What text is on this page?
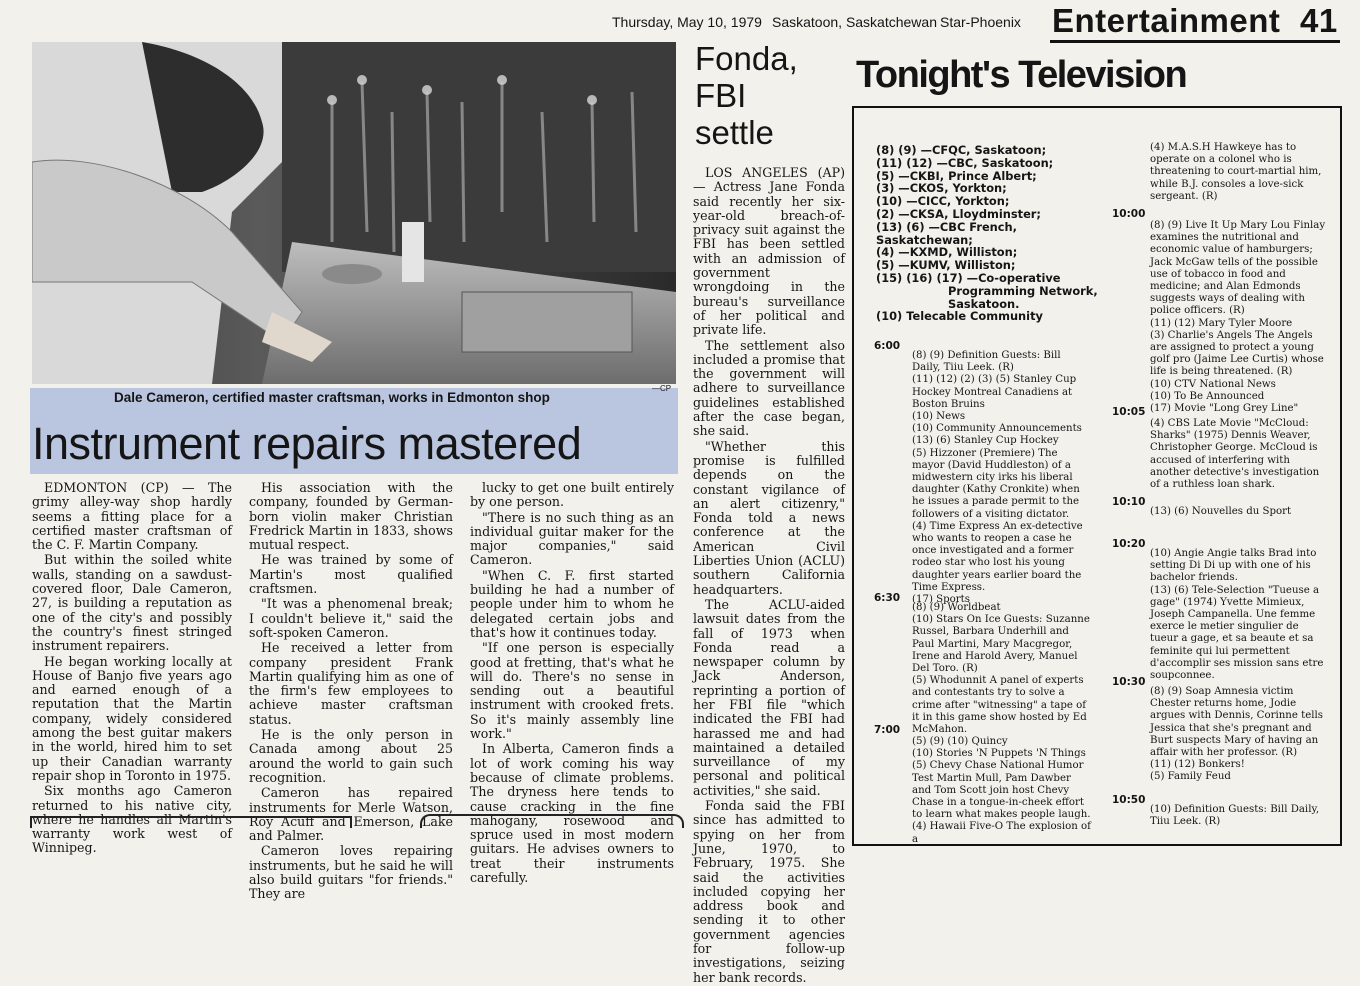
Thursday, May 10, 1979 Saskatoon, Saskatchewan Star-Phoenix Entertainment 41
Dale Cameron, certified master craftsman, works in Edmonton shop
—CP
Instrument repairs mastered

EDMONTON (CP) — The grimy alley-way shop hardly seems a fitting place for a certified master craftsman of the C. F. Martin Company.

But within the soiled white walls, standing on a sawdust-covered floor, Dale Cameron, 27, is building a reputation as one of the city's and possibly the country's finest stringed instrument repairers.

He began working locally at House of Banjo five years ago and earned enough of a reputation that the Martin company, widely considered among the best guitar makers in the world, hired him to set up their Canadian warranty repair shop in Toronto in 1975.

Six months ago Cameron returned to his native city, where he handles all Martin's warranty work west of Winnipeg.

His association with the company, founded by German-born violin maker Christian Fredrick Martin in 1833, shows mutual respect.

He was trained by some of Martin's most qualified craftsmen.

"It was a phenomenal break; I couldn't believe it," said the soft-spoken Cameron.

He received a letter from company president Frank Martin qualifying him as one of the firm's few employees to achieve master craftsman status.

He is the only person in Canada among about 25 around the world to gain such recognition.

Cameron has repaired instruments for Merle Watson, Roy Acuff and Emerson, Lake and Palmer.

Cameron loves repairing instruments, but he said he will also build guitars "for friends." They are

lucky to get one built entirely by one person.

"There is no such thing as an individual guitar maker for the major companies," said Cameron.

"When C. F. first started building he had a number of people under him to whom he delegated certain jobs and that's how it continues today.

"If one person is especially good at fretting, that's what he will do. There's no sense in sending out a beautiful instrument with crooked frets. So it's mainly assembly line work."

In Alberta, Cameron finds a lot of work coming his way because of climate problems. The dryness here tends to cause cracking in the fine mahogany, rosewood and spruce used in most modern guitars. He advises owners to treat their instruments carefully.

Fonda,
FBI
settle

LOS ANGELES (AP) — Actress Jane Fonda said recently her six-year-old breach-of-privacy suit against the FBI has been settled with an admission of government wrongdoing in the bureau's surveillance of her political and private life.

The settlement also included a promise that the government will adhere to surveillance guidelines established after the case began, she said.

"Whether this promise is fulfilled depends on the constant vigilance of an alert citizenry," Fonda told a news conference at the American Civil Liberties Union (ACLU) southern California headquarters.

The ACLU-aided lawsuit dates from the fall of 1973 when Fonda read a newspaper column by Jack Anderson, reprinting a portion of her FBI file "which indicated the FBI had harassed me and had maintained a detailed surveillance of my personal and political activities," she said.

Fonda said the FBI since has admitted to spying on her from June, 1970, to February, 1975. She said the activities included copying her address book and sending it to other government agencies for follow-up investigations, seizing her bank records.

Tonight's Television
(8) (9) —CFQC, Saskatoon;
(11) (12) —CBC, Saskatoon;
(5) —CKBI, Prince Albert;
(3) —CKOS, Yorkton;
(10) —CICC, Yorkton;
(2) —CKSA, Lloydminster;
(13) (6) —CBC French, Saskatchewan;
(4) —KXMD, Williston;
(5) —KUMV, Williston;
(15) (16) (17) —Co-operative
Programming Network,
Saskatoon.
(10) Telecable Community
6:00

(8) (9) Definition Guests: Bill Daily, Tiiu Leek. (R)

(11) (12) (2) (3) (5) Stanley Cup Hockey Montreal Canadiens at Boston Bruins

(10) News

(10) Community Announcements

(13) (6) Stanley Cup Hockey

(5) Hizzoner (Premiere) The mayor (David Huddleston) of a midwestern city irks his liberal daughter (Kathy Cronkite) when he issues a parade permit to the followers of a visiting dictator.

(4) Time Express An ex-detective who wants to reopen a case he once investigated and a former rodeo star who lost his young daughter years earlier board the Time Express.

(17) Sports

6:30

(8) (9) Worldbeat

(10) Stars On Ice Guests: Suzanne Russel, Barbara Underhill and Paul Martini, Mary Macgregor, Irene and Harold Avery, Manuel Del Toro. (R)

(5) Whodunnit A panel of experts and contestants try to solve a crime after "witnessing" a tape of it in this game show hosted by Ed McMahon.

7:00

(5) (9) (10) Quincy

(10) Stories 'N Puppets 'N Things

(5) Chevy Chase National Humor Test Martin Mull, Pam Dawber and Tom Scott join host Chevy Chase in a tongue-in-cheek effort to learn what makes people laugh.

(4) Hawaii Five-O The explosion of a

(4) M.A.S.H Hawkeye has to operate on a colonel who is threatening to court-martial him, while B.J. consoles a love-sick sergeant. (R)

10:00

(8) (9) Live It Up Mary Lou Finlay examines the nutritional and economic value of hamburgers; Jack McGaw tells of the possible use of tobacco in food and medicine; and Alan Edmonds suggests ways of dealing with police officers. (R)

(11) (12) Mary Tyler Moore

(3) Charlie's Angels The Angels are assigned to protect a young golf pro (Jaime Lee Curtis) whose life is being threatened. (R)

(10) CTV National News

(10) To Be Announced

(17) Movie "Long Grey Line"

10:05

(4) CBS Late Movie "McCloud: Sharks" (1975) Dennis Weaver, Christopher George. McCloud is accused of interfering with another detective's investigation of a ruthless loan shark.

10:10

(13) (6) Nouvelles du Sport

10:20

(10) Angie Angie talks Brad into setting Di Di up with one of his bachelor friends.

(13) (6) Tele-Selection "Tueuse a gage" (1974) Yvette Mimieux, Joseph Campanella. Une femme exerce le metier singulier de tueur a gage, et sa beaute et sa feminite qui lui permettent d'accomplir ses mission sans etre soupconnee.

10:30

(8) (9) Soap Amnesia victim Chester returns home, Jodie argues with Dennis, Corinne tells Jessica that she's pregnant and Burt suspects Mary of having an affair with her professor. (R)

(11) (12) Bonkers!

(5) Family Feud

10:50

(10) Definition Guests: Bill Daily, Tiiu Leek. (R)
